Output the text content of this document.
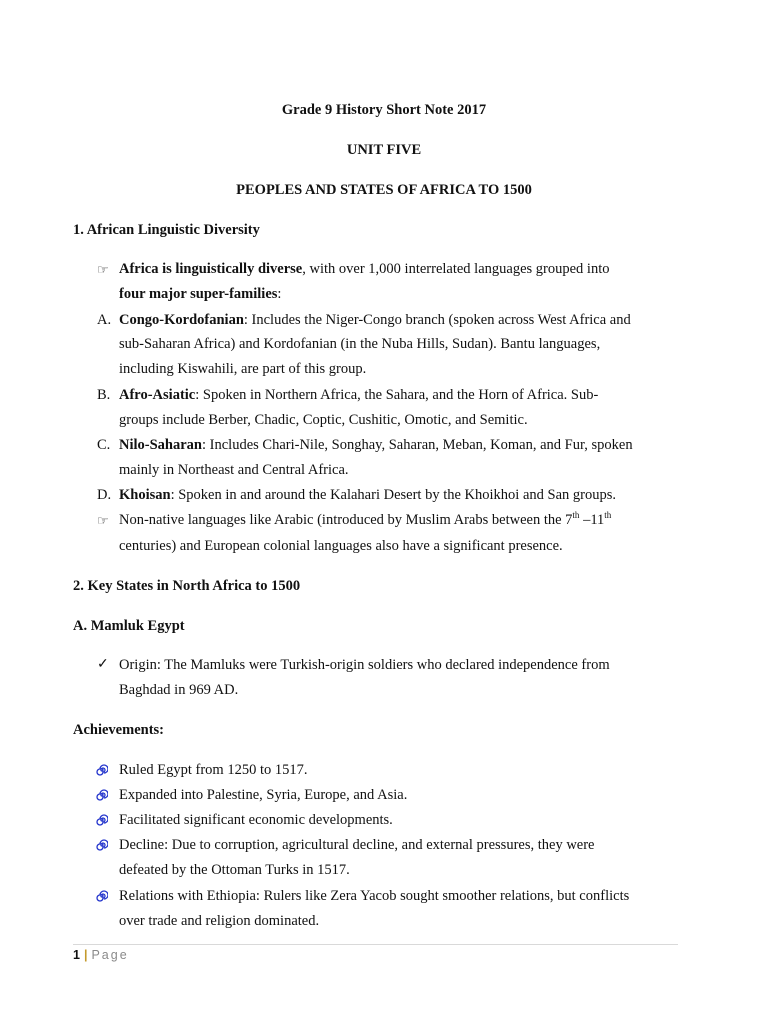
Grade 9 History Short Note 2017
UNIT FIVE
PEOPLES AND STATES OF AFRICA TO 1500
1. African Linguistic Diversity
☞ Africa is linguistically diverse, with over 1,000 interrelated languages grouped into
four major super-families:
A. Congo-Kordofanian: Includes the Niger-Congo branch (spoken across West Africa and
sub-Saharan Africa) and Kordofanian (in the Nuba Hills, Sudan). Bantu languages,
including Kiswahili, are part of this group.
B. Afro-Asiatic: Spoken in Northern Africa, the Sahara, and the Horn of Africa. Sub-
groups include Berber, Chadic, Coptic, Cushitic, Omotic, and Semitic.
C. Nilo-Saharan: Includes Chari-Nile, Songhay, Saharan, Meban, Koman, and Fur, spoken
mainly in Northeast and Central Africa.
D. Khoisan: Spoken in and around the Kalahari Desert by the Khoikhoi and San groups.
☞ Non-native languages like Arabic (introduced by Muslim Arabs between the 7th –11th
centuries) and European colonial languages also have a significant presence.
2. Key States in North Africa to 1500
A. Mamluk Egypt
✓ Origin: The Mamluks were Turkish-origin soldiers who declared independence from
Baghdad in 969 AD.
Achievements:
Ruled Egypt from 1250 to 1517.
Expanded into Palestine, Syria, Europe, and Asia.
Facilitated significant economic developments.
Decline: Due to corruption, agricultural decline, and external pressures, they were
defeated by the Ottoman Turks in 1517.
Relations with Ethiopia: Rulers like Zera Yacob sought smoother relations, but conflicts
over trade and religion dominated.
1 | Page
